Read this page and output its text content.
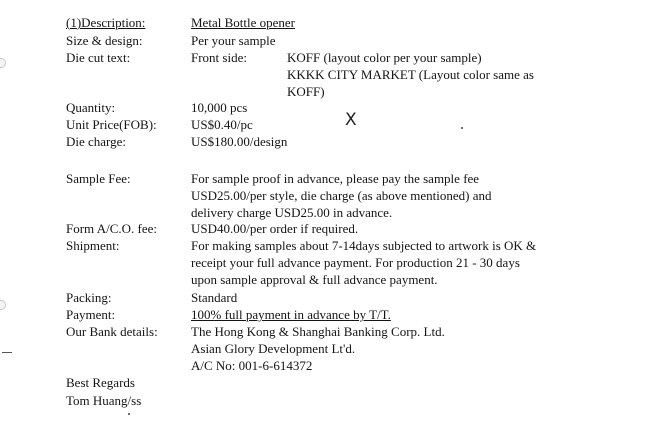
(1)Description:	Metal Bottle opener
Size & design:	Per your sample
Die cut text:	Front side:	KOFF (layout color per your sample)
KKKK CITY MARKET (Layout color same as
KOFF)
Quantity:	10,000 pcs
Unit Price(FOB):	US$0.40/pc
Die charge:	US$180.00/design
X
Sample Fee:	For sample proof in advance, please pay the sample fee
USD25.00/per style, die charge (as above mentioned) and
delivery charge USD25.00 in advance.
Form A/C.O. fee:	USD40.00/per order if required.
Shipment:	For making samples about 7-14days subjected to artwork is OK &
receipt your full advance payment. For production 21 - 30 days
upon sample approval & full advance payment.
Packing:	Standard
Payment:	100% full payment in advance by T/T.
Our Bank details:	The Hong Kong & Shanghai Banking Corp. Ltd.
Asian Glory Development Lt'd.
A/C No: 001-6-614372
Best Regards
Tom Huang/ss
